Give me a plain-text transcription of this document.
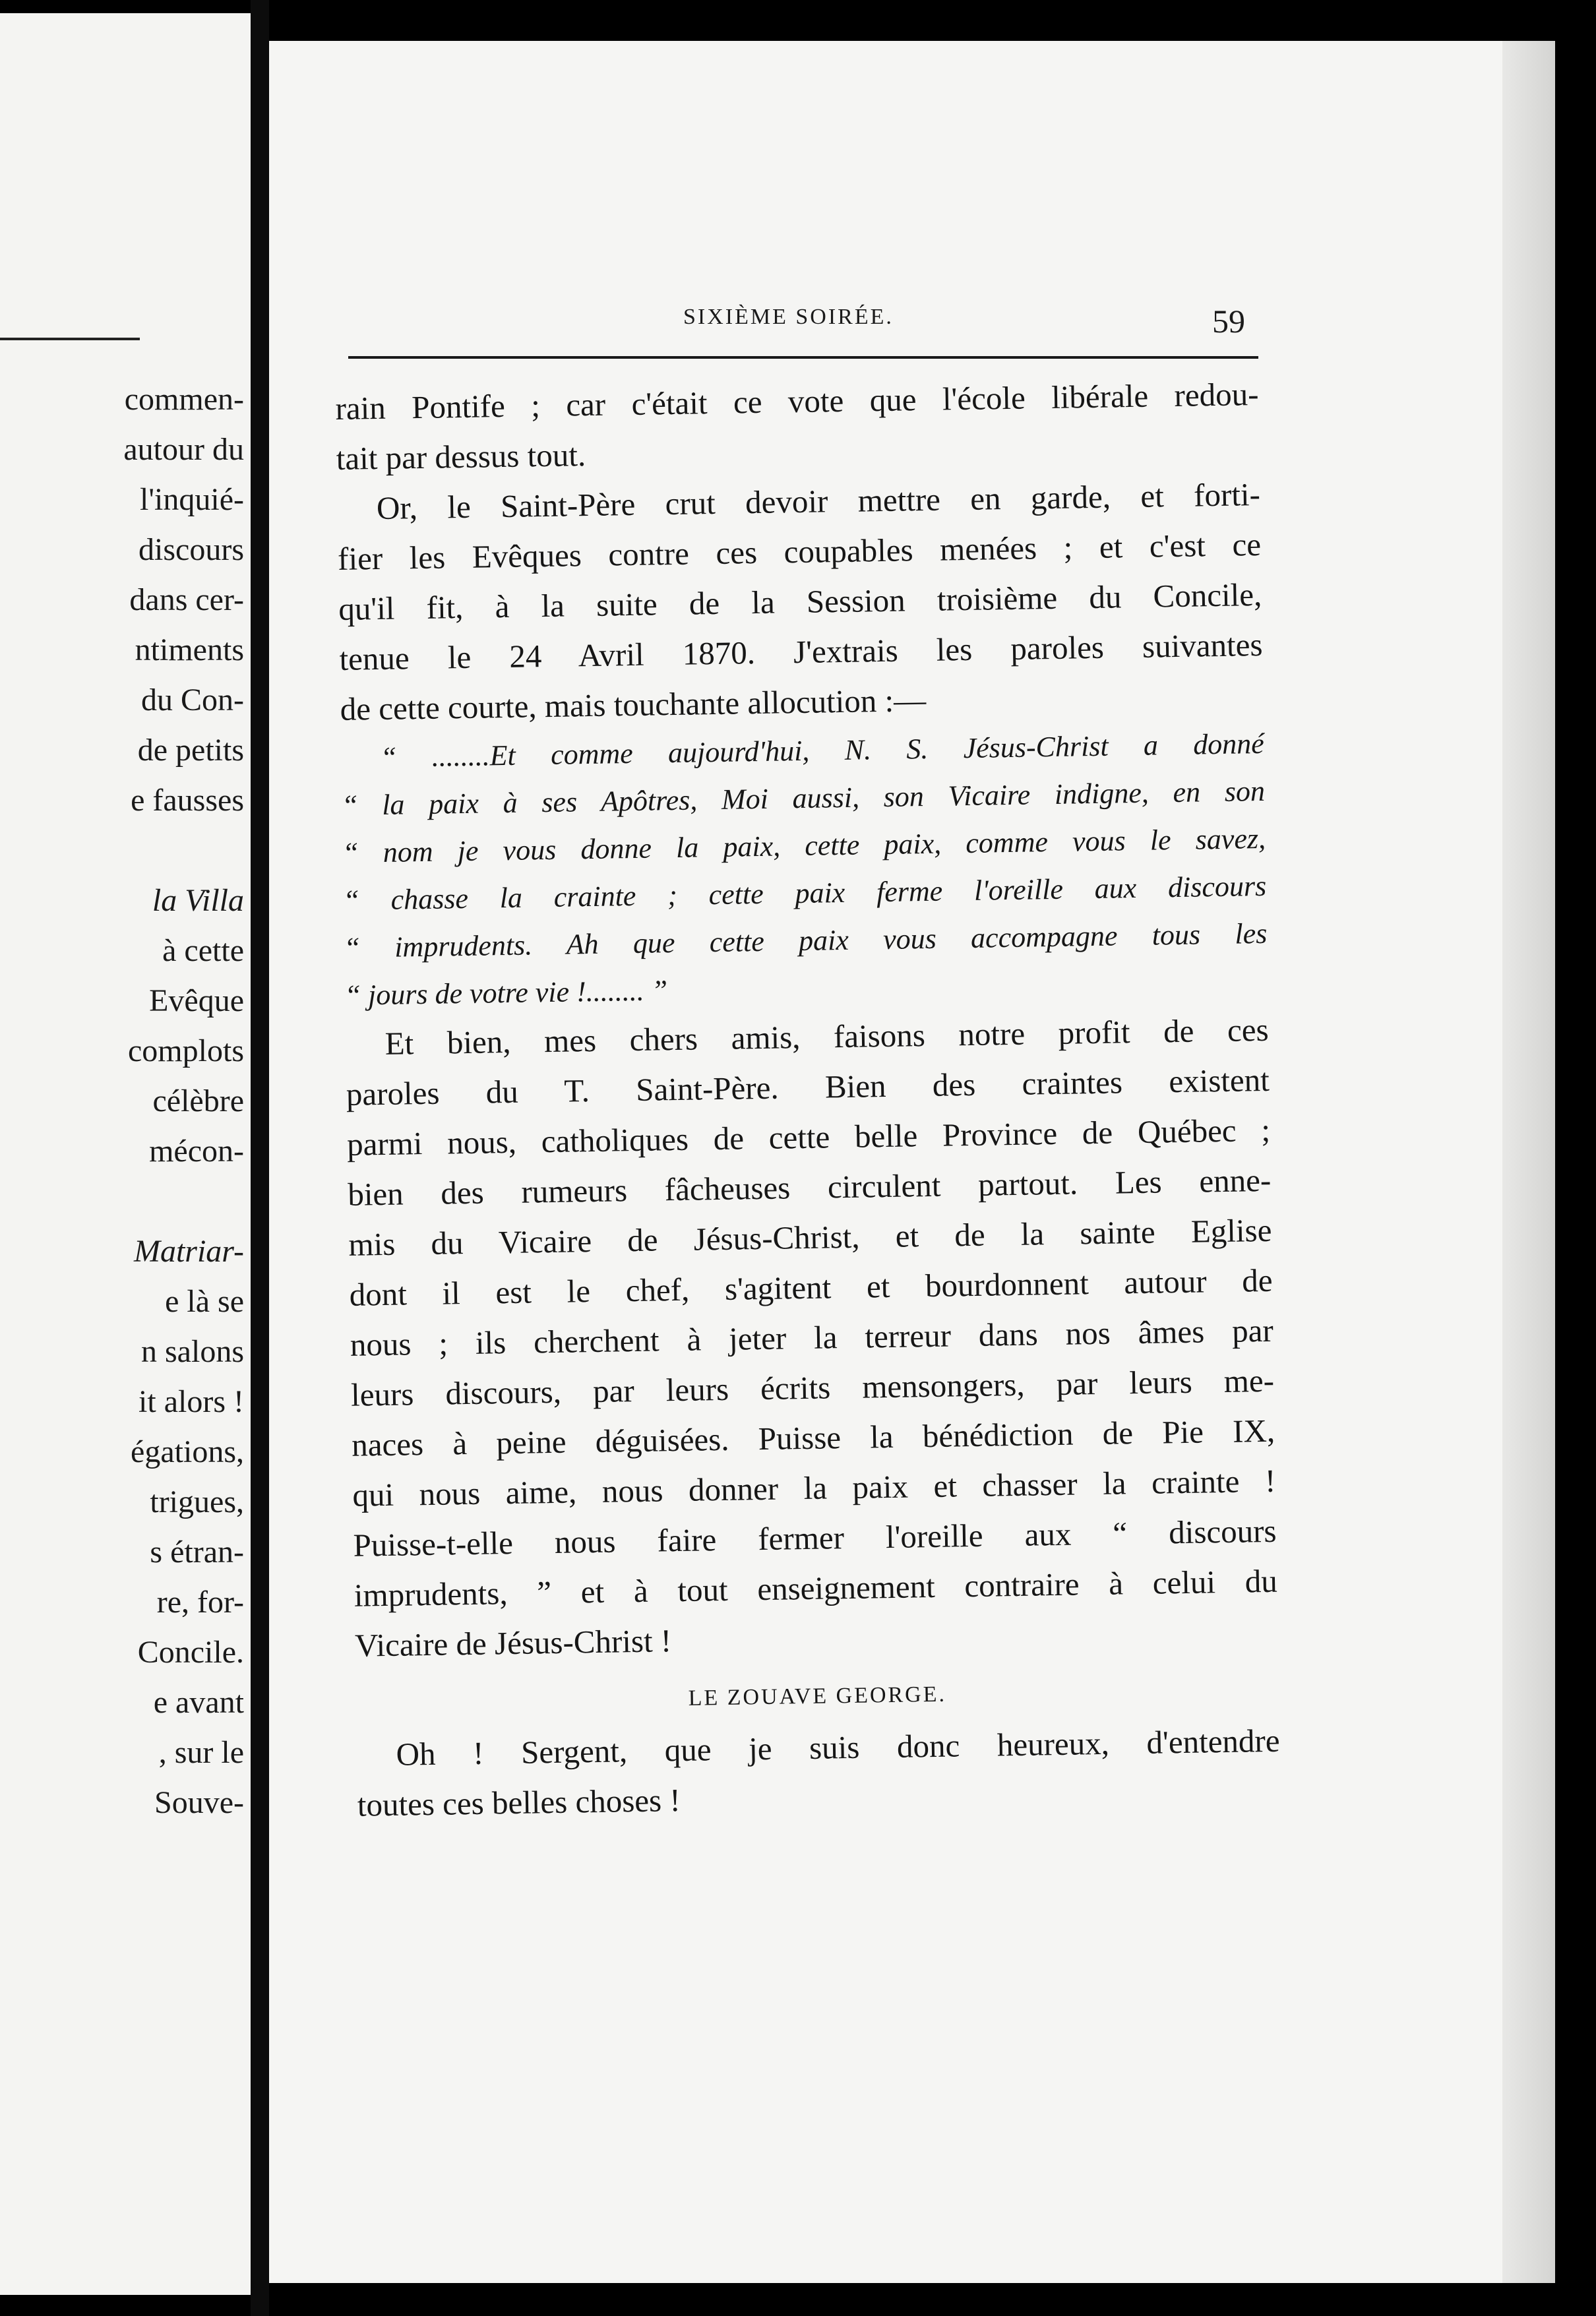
commen-
autour du
l'inquié-
discours
dans cer-
ntiments
du Con-
de petits
e fausses
la Villa
à cette
Evêque
complots
célèbre
mécon-
Matriar-
e là se
n salons
it alors !
égations,
trigues,
s étran-
re, for-
Concile.
e avant
, sur le
Souve-
SIXIÈME SOIRÉE.	59
rain Pontife ; car c'était ce vote que l'école libérale redou-
tait par dessus tout.
Or, le Saint-Père crut devoir mettre en garde, et forti-
fier les Evêques contre ces coupables menées ; et c'est ce
qu'il fit, à la suite de la Session troisième du Concile,
tenue le 24 Avril 1870. J'extrais les paroles suivantes
de cette courte, mais touchante allocution :—
“ ........Et comme aujourd'hui, N. S. Jésus-Christ a donné
“ la paix à ses Apôtres, Moi aussi, son Vicaire indigne, en son
“ nom je vous donne la paix, cette paix, comme vous le savez,
“ chasse la crainte ; cette paix ferme l'oreille aux discours
“ imprudents. Ah que cette paix vous accompagne tous les
“ jours de votre vie !........ ”
Et bien, mes chers amis, faisons notre profit de ces
paroles du T. Saint-Père. Bien des craintes existent
parmi nous, catholiques de cette belle Province de Québec ;
bien des rumeurs fâcheuses circulent partout. Les enne-
mis du Vicaire de Jésus-Christ, et de la sainte Eglise
dont il est le chef, s'agitent et bourdonnent autour de
nous ; ils cherchent à jeter la terreur dans nos âmes par
leurs discours, par leurs écrits mensongers, par leurs me-
naces à peine déguisées. Puisse la bénédiction de Pie IX,
qui nous aime, nous donner la paix et chasser la crainte !
Puisse-t-elle nous faire fermer l'oreille aux “ discours
imprudents, ” et à tout enseignement contraire à celui du
Vicaire de Jésus-Christ !
LE ZOUAVE GEORGE.
Oh ! Sergent, que je suis donc heureux, d'entendre
toutes ces belles choses !
